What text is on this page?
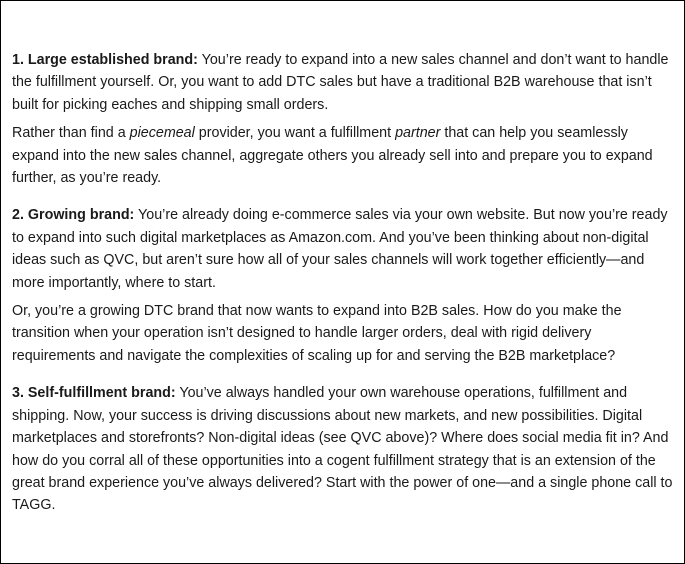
1. Large established brand: You’re ready to expand into a new sales channel and don’t want to handle the fulfillment yourself. Or, you want to add DTC sales but have a traditional B2B warehouse that isn’t built for picking eaches and shipping small orders.

Rather than find a piecemeal provider, you want a fulfillment partner that can help you seamlessly expand into the new sales channel, aggregate others you already sell into and prepare you to expand further, as you’re ready.

2. Growing brand: You’re already doing e-commerce sales via your own website. But now you’re ready to expand into such digital marketplaces as Amazon.com. And you’ve been thinking about non-digital ideas such as QVC, but aren’t sure how all of your sales channels will work together efficiently—and more importantly, where to start.

Or, you’re a growing DTC brand that now wants to expand into B2B sales. How do you make the transition when your operation isn’t designed to handle larger orders, deal with rigid delivery requirements and navigate the complexities of scaling up for and serving the B2B marketplace?

3. Self-fulfillment brand: You’ve always handled your own warehouse operations, fulfillment and shipping. Now, your success is driving discussions about new markets, and new possibilities. Digital marketplaces and storefronts? Non-digital ideas (see QVC above)? Where does social media fit in? And how do you corral all of these opportunities into a cogent fulfillment strategy that is an extension of the great brand experience you’ve always delivered? Start with the power of one—and a single phone call to TAGG.
